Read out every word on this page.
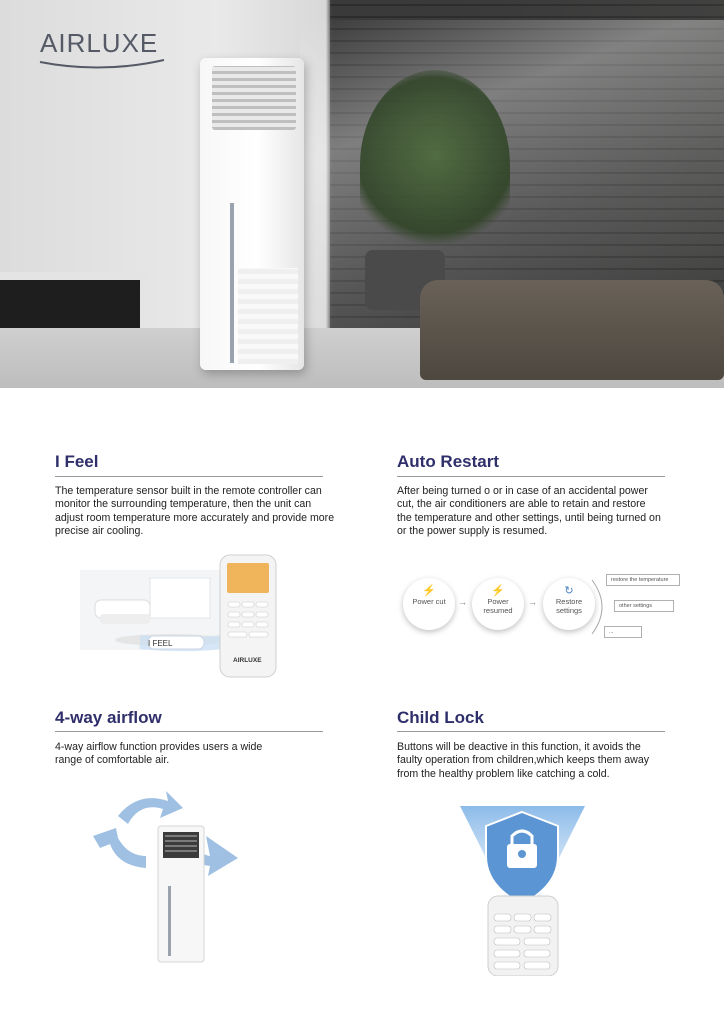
AIRLUXE
I Feel
The temperature sensor built in the remote controller can monitor the surrounding temperature, then the unit can adjust room temperature more accurately and provide more precise air cooling.
I FEEL
AIRLUXE
Auto Restart
After being turned o or in case of an accidental power cut, the air conditioners are able to retain and restore the temperature and other settings, until being turned on or the power supply is resumed.
⚡
Power cut	→
⚡
Power resumed
→
↻
Restore settings
restore the temperature
other settings
...
4-way airflow
4-way airflow function provides users a wide range of comfortable air.
Child Lock
Buttons will be deactive in this function, it avoids the faulty operation from children,which keeps them away from the healthy problem like catching a cold.
